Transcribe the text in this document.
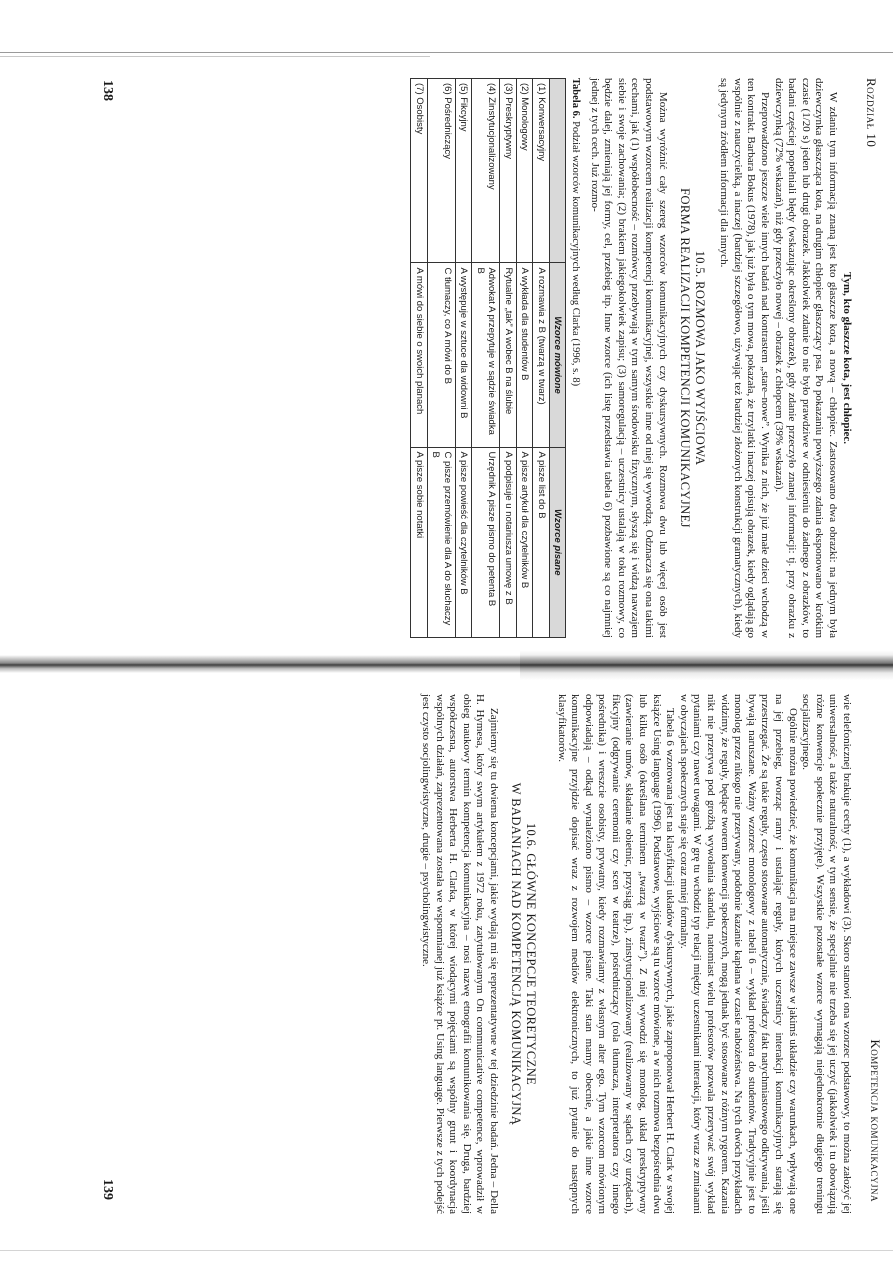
Rozdział 10
Tym, kto głaszcze kota, jest chłopiec.

W zdaniu tym informacją znaną jest kto głaszcze kota, a nową – chłopiec. Zastosowano dwa obrazki: na jednym była dziewczynka głaszcząca kota, na drugim chłopiec głaszczący psa. Po pokazaniu powyższego zdania eksponowano w krótkim czasie (1/20 s) jeden lub drugi obrazek. Jakkolwiek zdanie to nie było prawdziwe w odniesieniu do żadnego z obrazków, to badani częściej popełniali błędy (wskazując określony obrazek), gdy zdanie przeczyło znanej informacji: tj. przy obrazku z dziewczynką (72% wskazań), niż gdy przeczyło nowej – obrazek z chłopcem (39% wskazań).

Przeprowadzono jeszcze wiele innych badań nad kontrastem „stare–nowe”. Wynika z nich, że już małe dzieci wchodzą w ten kontrakt. Barbara Bokus (1978), jak już była o tym mowa, pokazała, że trzylatki inaczej opisują obrazek, kiedy oglądają go wspólnie z nauczycielką, a inaczej (bardziej szczegółowo, używając też bardziej złożonych konstrukcji gramatycznych), kiedy są jedynym źródłem informacji dla innych.

10.5. ROZMOWA JAKO WYJŚCIOWA
FORMA REALIZACJI KOMPETENCJI KOMUNIKACYJNEJ

Można wyróżnić cały szereg wzorców komunikacyjnych czy dyskursywnych. Rozmowa dwu lub więcej osób jest podstawowym wzorcem realizacji kompetencji komunikacyjnej, wszystkie inne od niej się wywodzą. Odznacza się ona takimi cechami, jak (1) współobecność – rozmówcy przebywają w tym samym środowisku fizycznym, słyszą się i widzą nawzajem siebie i swoje zachowania; (2) brakiem jakiegokolwiek zapisu; (3) samoregulacją – uczestnicy ustalają w toku rozmowy, co będzie dalej, zmieniają jej formy, cel, przebieg itp. Inne wzorce (ich listę przedstawia tabela 6) pozbawione są co najmniej jednej z tych cech. Już rozmo-

Tabela 6. Podział wzorców komunikacyjnych według Clarka (1996, s. 8)
	Wzorce mówione	Wzorce pisane
(1) Konwersacyjny	A rozmawia z B (twarzą w twarz)	A pisze list do B
(2) Monologowy	A wykłada dla studentów B	A pisze artykuł dla czytelników B
(3) Preskryptywny	Rytualne „tak” A wobec B na ślubie	A podpisuje u notariusza umowę z B
(4) Zinstytucjonalizowany	Adwokat A przepytuje w sądzie świadka B	Urzędnik A pisze pismo do petenta B
(5) Fikcyjny	A występuje w sztuce dla widowni B	A pisze powieść dla czytelników B
(6) Pośredniczący	C tłumaczy, co A mówi do B	C pisze przemówienie dla A do słuchaczy B
(7) Osobisty	A mówi do siebie o swoich planach	A pisze sobie notatki
138
Kompetencja komunikacyjna

wie telefonicznej brakuje cechy (1), a wykładowi (3). Skoro stanowi ona wzorzec podstawowy, to można założyć jej uniwersalność, a także naturalność, w tym sensie, że specjalnie nie trzeba się jej uczyć (jakkolwiek i tu obowiązują różne konwencje społecznie przyjęte). Wszystkie pozostałe wzorce wymagają niejednokrotnie długiego treningu socjalizacyjnego.

Ogólnie można powiedzieć, że komunikacja ma miejsce zawsze w jakimś układzie czy warunkach, wpływają one na jej przebieg, tworząc ramy i ustalając reguły, których uczestnicy interakcji komunikacyjnych starają się przestrzegać. Że są takie reguły, często stosowane automatycznie, świadczy fakt natychmiastowego odkrywania, jeśli bywają naruszane. Ważny wzorzec monologowy z tabeli 6 – wykład profesora do studentów. Tradycyjnie jest to monolog przez nikogo nie przerywany, podobnie kazanie kapłana w czasie nabożeństwa. Na tych dwóch przykładach widzimy, że reguły, będące tworem konwencji społecznych, mogą jednak być stosowane z różnym rygorem. Kazania nikt nie przerywa pod groźbą wywołania skandalu, natomiast wielu profesorów pozwala przerywać swój wykład pytaniami czy nawet uwagami. W grę tu wchodzi typ relacji między uczestnikami interakcji, który wraz ze zmianami w obyczajach społecznych staje się coraz mniej formalny.

Tabela 6 wzorowana jest na klasyfikacji układów dyskursywnych, jakie zaproponował Herbert H. Clark w swojej książce Using language (1996). Podstawowe, wyjściowe są tu wzorce mówione, a w nich rozmowa bezpośrednia dwu lub kilku osób (określana terminem „twarzą w twarz”). Z niej wywodzi się monolog, układ preskryptywny (zawieranie umów, składanie obietnic, przysiąg itp.), zinstytucjonalizowany (realizowany w sądach czy urzędach), fikcyjny (odgrywanie ceremonii czy scen w teatrze), pośredniczący (rola tłumacza, interpretatora czy innego pośrednika) i wreszcie osobisty, prywatny, kiedy rozmawiamy z własnym alter ego. Tym wzorcom mówionym odpowiadają – odkąd wynaleziono pismo – wzorce pisane. Taki stan mamy obecnie, a jakie inne wzorce komunikacyjne przyjdzie dopisać wraz z rozwojem mediów elektronicznych, to już pytanie do następnych klasyfikatorów.

10.6. GŁÓWNE KONCEPCJE TEORETYCZNE
W BADANIACH NAD KOMPETENCJĄ KOMUNIKACYJNĄ

Zajmiemy się tu dwiema koncepcjami, jakie wydają mi się reprezentatywne w tej dziedzinie badań. Jedna – Della H. Hymesa, który swym artykułem z 1972 roku, zatytułowanym On communicative competence, wprowadził w obieg naukowy termin kompetencja komunikacyjna – nosi nazwę etnografii komunikowania się. Druga, bardziej współczesna, autorstwa Herberta H. Clarka, w której wiodącymi pojęciami są wspólny grunt i koordynacja wspólnych działań, zaprezentowana została we wspomnianej już książce pt. Using language. Pierwsze z tych podejść jest czysto socjolingwistyczne, drugie – psycholingwistyczne.

139
